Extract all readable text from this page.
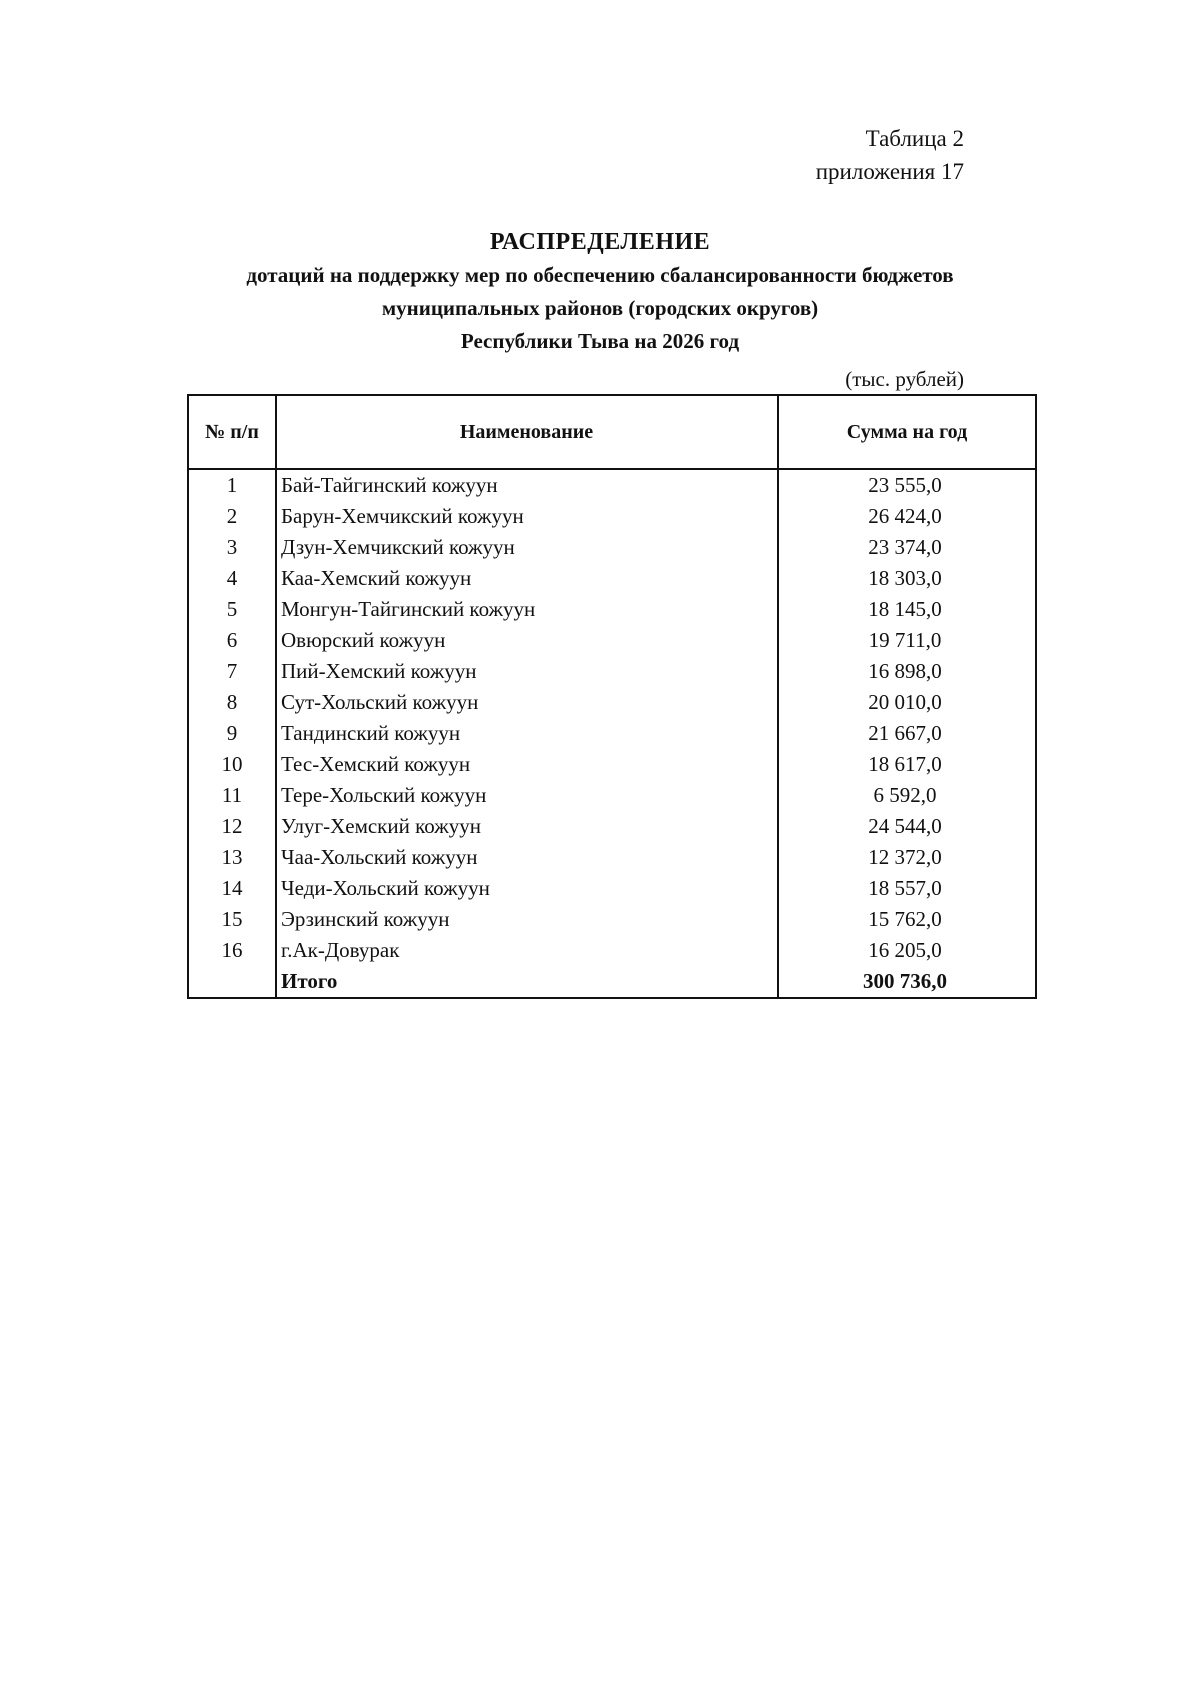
Таблица 2
приложения 17
РАСПРЕДЕЛЕНИЕ
дотаций на поддержку мер по обеспечению сбалансированности бюджетов
муниципальных районов (городских округов)
Республики Тыва на 2026 год
(тыс. рублей)
№ п/п	Наименование	Сумма на год
1	Бай-Тайгинский кожуун	23 555,0
2	Барун-Хемчикский кожуун	26 424,0
3	Дзун-Хемчикский кожуун	23 374,0
4	Каа-Хемский кожуун	18 303,0
5	Монгун-Тайгинский кожуун	18 145,0
6	Овюрский кожуун	19 711,0
7	Пий-Хемский кожуун	16 898,0
8	Сут-Хольский кожуун	20 010,0
9	Тандинский кожуун	21 667,0
10	Тес-Хемский кожуун	18 617,0
11	Тере-Хольский кожуун	6 592,0
12	Улуг-Хемский кожуун	24 544,0
13	Чаа-Хольский кожуун	12 372,0
14	Чеди-Хольский кожуун	18 557,0
15	Эрзинский кожуун	15 762,0
16	г.Ак-Довурак	16 205,0
	Итого	300 736,0
